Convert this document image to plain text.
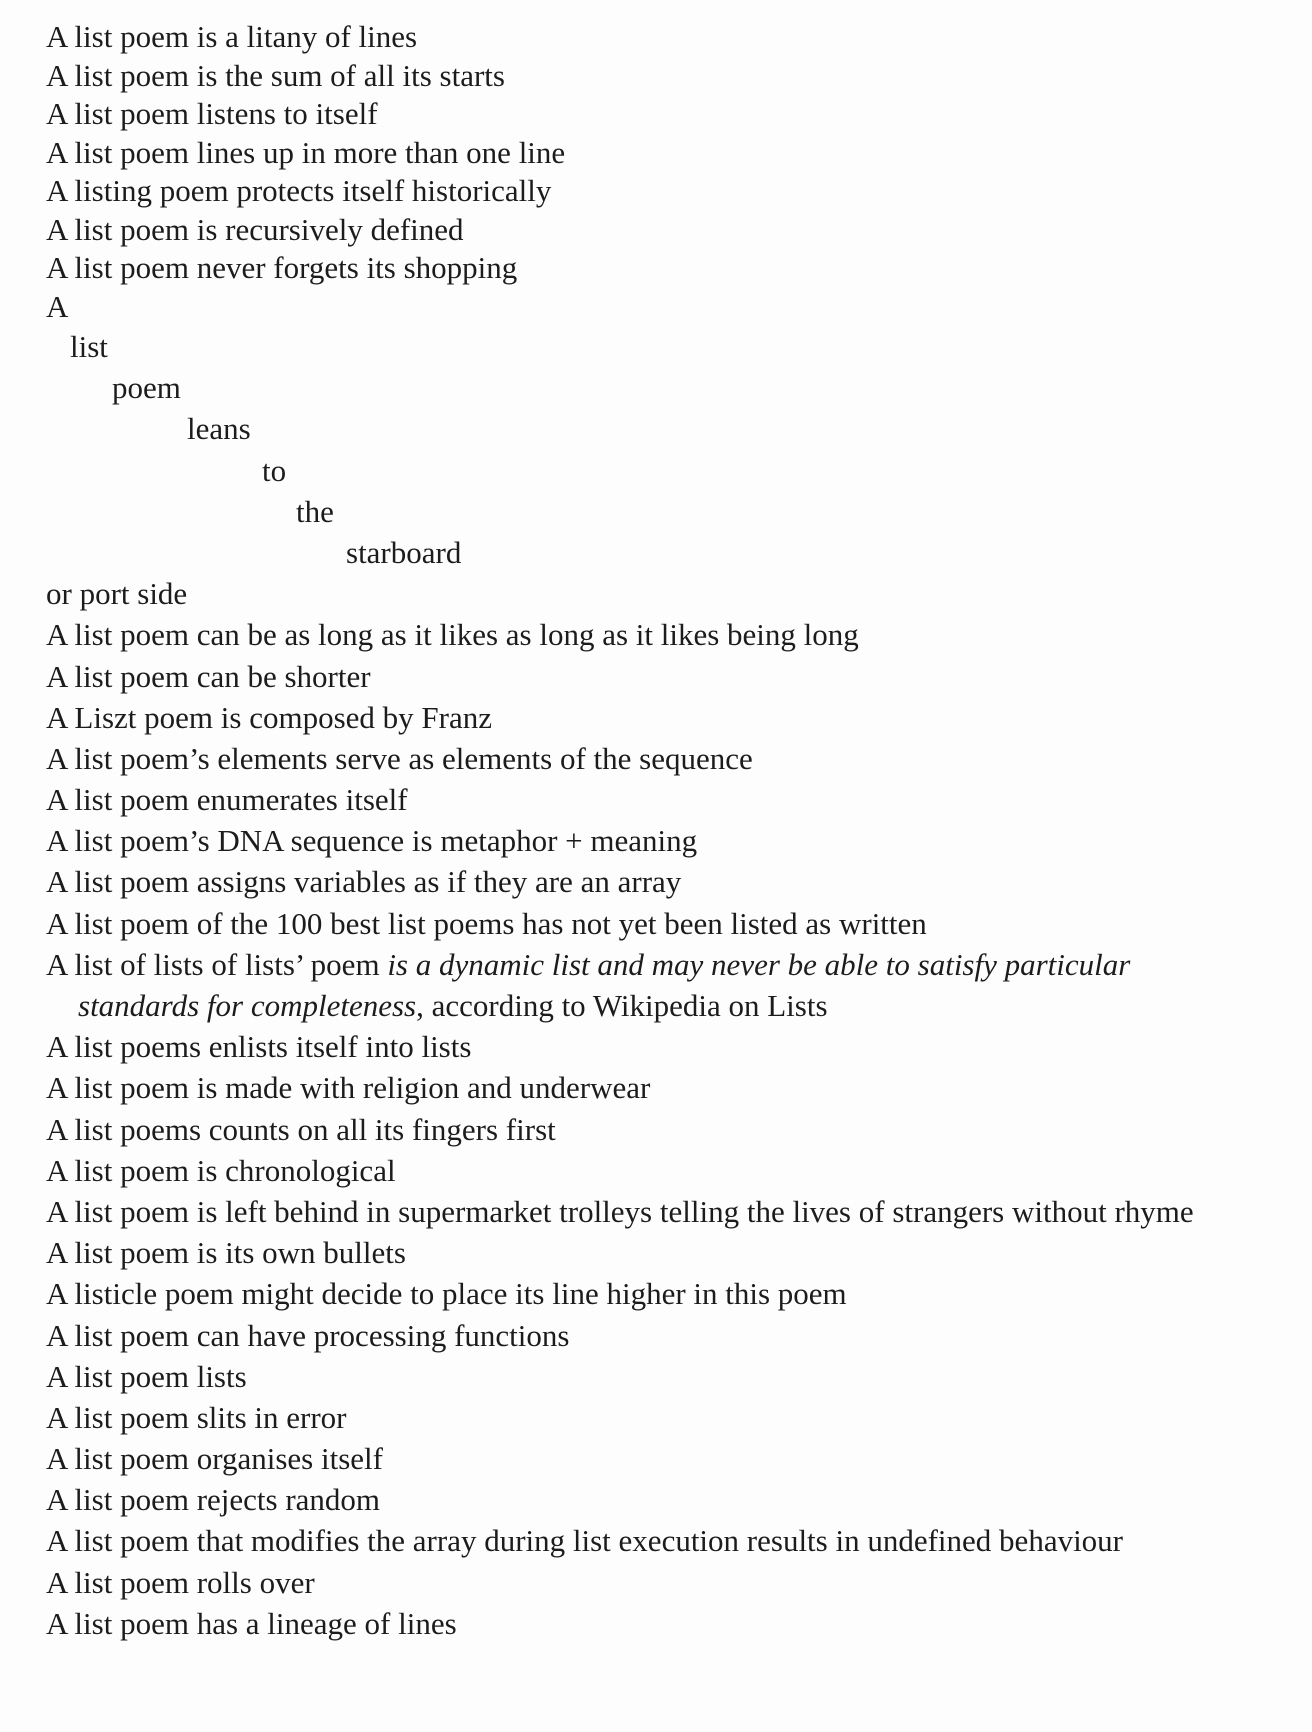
A list poem is a litany of lines
A list poem is the sum of all its starts
A list poem listens to itself
A list poem lines up in more than one line
A listing poem protects itself historically
A list poem is recursively defined
A list poem never forgets its shopping
A
list
poem
leans
to
the
starboard
or port side
A list poem can be as long as it likes as long as it likes being long
A list poem can be shorter
A Liszt poem is composed by Franz
A list poem’s elements serve as elements of the sequence
A list poem enumerates itself
A list poem’s DNA sequence is metaphor + meaning
A list poem assigns variables as if they are an array
A list poem of the 100 best list poems has not yet been listed as written
A list of lists of lists’ poem is a dynamic list and may never be able to satisfy particular
standards for completeness, according to Wikipedia on Lists
A list poems enlists itself into lists
A list poem is made with religion and underwear
A list poems counts on all its fingers first
A list poem is chronological
A list poem is left behind in supermarket trolleys telling the lives of strangers without rhyme
A list poem is its own bullets
A listicle poem might decide to place its line higher in this poem
A list poem can have processing functions
A list poem lists
A list poem slits in error
A list poem organises itself
A list poem rejects random
A list poem that modifies the array during list execution results in undefined behaviour
A list poem rolls over
A list poem has a lineage of lines
